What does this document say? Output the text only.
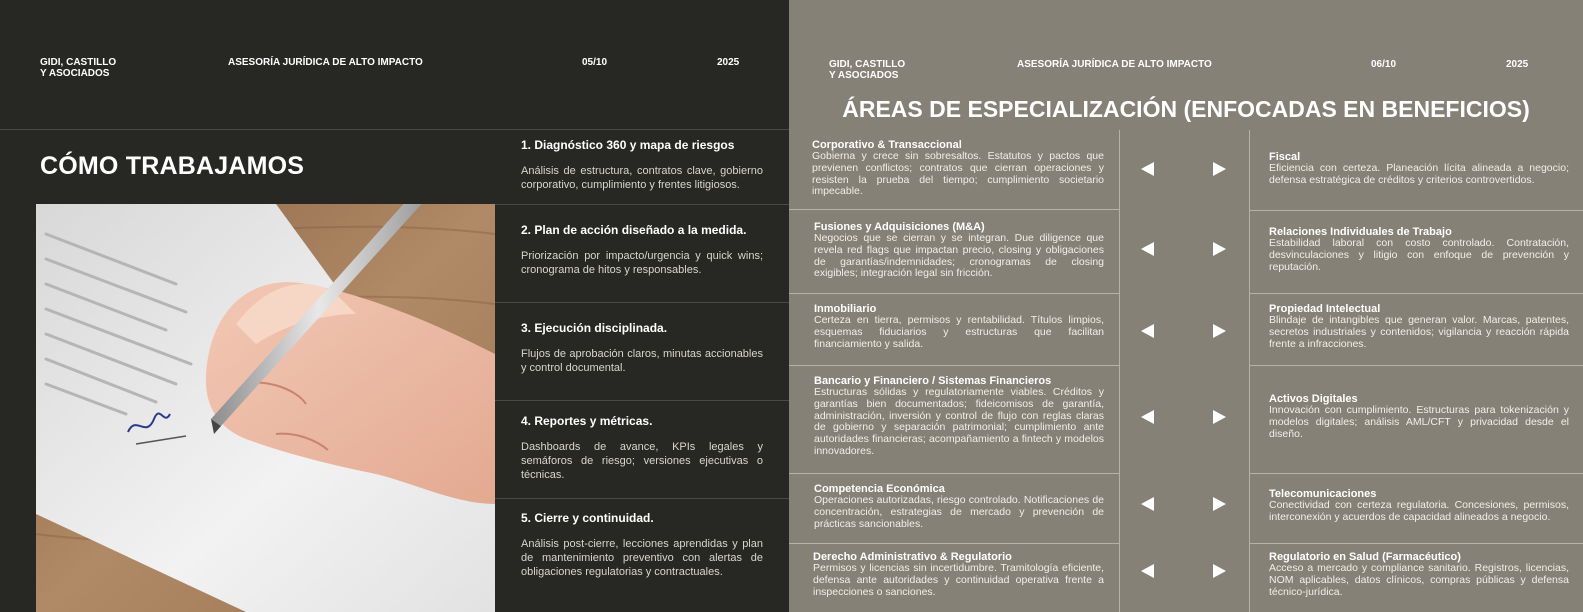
GIDI, CASTILLO
Y ASOCIADOS
ASESORÍA JURÍDICA DE ALTO IMPACTO	05/10	2025
CÓMO TRABAJAMOS
1. Diagnóstico 360 y mapa de riesgos
Análisis de estructura, contratos clave, gobierno corporativo, cumplimiento y frentes litigiosos.
2. Plan de acción diseñado a la medida.
Priorización por impacto/urgencia y quick wins; cronograma de hitos y responsables.
3. Ejecución disciplinada.
Flujos de aprobación claros, minutas accionables y control documental.
4. Reportes y métricas.
Dashboards de avance, KPIs legales y semáforos de riesgo; versiones ejecutivas o técnicas.
5. Cierre y continuidad.
Análisis post-cierre, lecciones aprendidas y plan de mantenimiento preventivo con alertas de obligaciones regulatorias y contractuales.
GIDI, CASTILLO
Y ASOCIADOS
ASESORÍA JURÍDICA DE ALTO IMPACTO	06/10	2025
ÁREAS DE ESPECIALIZACIÓN (ENFOCADAS EN BENEFICIOS)
Corporativo & Transaccional
Gobierna y crece sin sobresaltos. Estatutos y pactos que previenen conflictos; contratos que cierran operaciones y resisten la prueba del tiempo; cumplimiento societario impecable.
Fusiones y Adquisiciones (M&A)
Negocios que se cierran y se integran. Due diligence que revela red flags que impactan precio, closing y obligaciones de garantías/indemnidades; cronogramas de closing exigibles; integración legal sin fricción.
Inmobiliario
Certeza en tierra, permisos y rentabilidad. Títulos limpios, esquemas fiduciarios y estructuras que facilitan financiamiento y salida.
Bancario y Financiero / Sistemas Financieros
Estructuras sólidas y regulatoriamente viables. Créditos y garantías bien documentados; fideicomisos de garantía, administración, inversión y control de flujo con reglas claras de gobierno y separación patrimonial; cumplimiento ante autoridades financieras; acompañamiento a fintech y modelos innovadores.
Competencia Económica
Operaciones autorizadas, riesgo controlado. Notificaciones de concentración, estrategias de mercado y prevención de prácticas sancionables.
Derecho Administrativo & Regulatorio
Permisos y licencias sin incertidumbre. Tramitología eficiente, defensa ante autoridades y continuidad operativa frente a inspecciones o sanciones.
Fiscal
Eficiencia con certeza. Planeación lícita alineada a negocio; defensa estratégica de créditos y criterios controvertidos.
Relaciones Individuales de Trabajo
Estabilidad laboral con costo controlado. Contratación, desvinculaciones y litigio con enfoque de prevención y reputación.
Propiedad Intelectual
Blindaje de intangibles que generan valor. Marcas, patentes, secretos industriales y contenidos; vigilancia y reacción rápida frente a infracciones.
Activos Digitales
Innovación con cumplimiento. Estructuras para tokenización y modelos digitales; análisis AML/CFT y privacidad desde el diseño.
Telecomunicaciones
Conectividad con certeza regulatoria. Concesiones, permisos, interconexión y acuerdos de capacidad alineados a negocio.
Regulatorio en Salud (Farmacéutico)
Acceso a mercado y compliance sanitario. Registros, licencias, NOM aplicables, datos clínicos, compras públicas y defensa técnico-jurídica.
